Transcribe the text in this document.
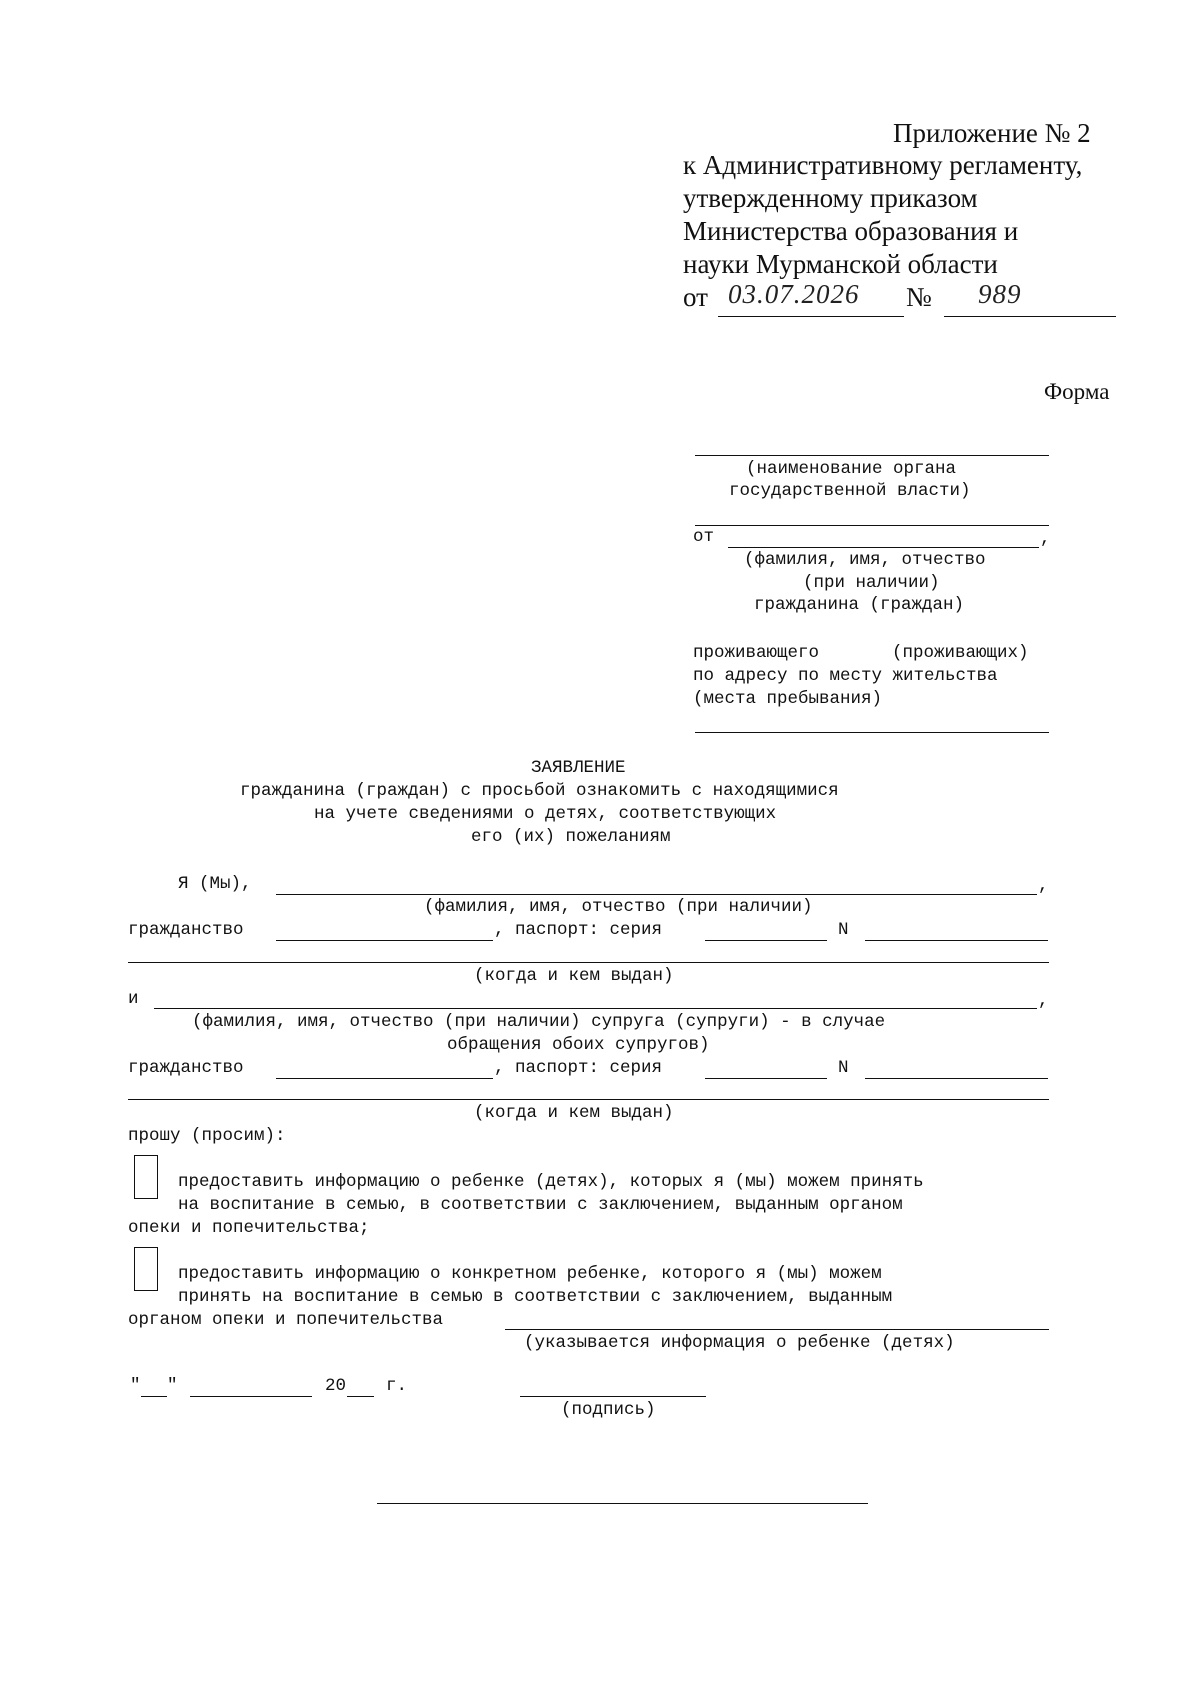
Приложение № 2
к Административному регламенту,
утвержденному приказом
Министерства образования и
науки Мурманской области
от 03.07.2026 № 989
Форма
(наименование органа
государственной власти)
от	,
(фамилия, имя, отчество
(при наличии)
гражданина (граждан)
проживающего	(проживающих)
по адресу по месту жительства
(места пребывания)
ЗАЯВЛЕНИЕ
гражданина (граждан) с просьбой ознакомить с находящимися
на учете сведениями о детях, соответствующих
его (их) пожеланиям
Я (Мы),	,
(фамилия, имя, отчество (при наличии)
гражданство	, паспорт: серия	N
(когда и кем выдан)
и	,
(фамилия, имя, отчество (при наличии) супруга (супруги) - в случае
обращения обоих супругов)
гражданство	, паспорт: серия	N
(когда и кем выдан)
прошу (просим):
предоставить информацию о ребенке (детях), которых я (мы) можем принять
на воспитание в семью, в соответствии с заключением, выданным органом
опеки и попечительства;
предоставить информацию о конкретном ребенке, которого я (мы) можем
принять на воспитание в семью в соответствии с заключением, выданным
органом опеки и попечительства
(указывается информация о ребенке (детях)
" "	20 г.
(подпись)
